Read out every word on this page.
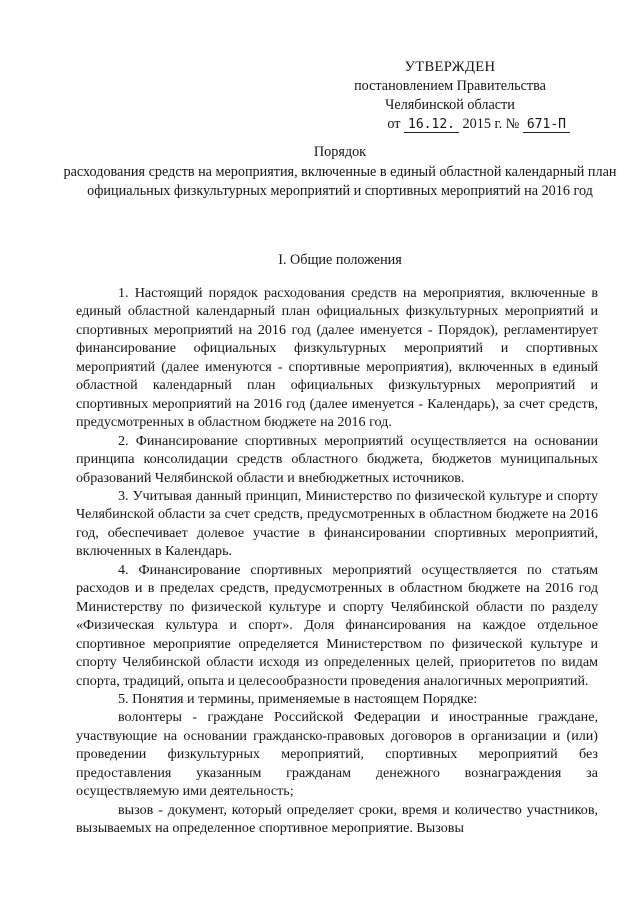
УТВЕРЖДЕН
постановлением Правительства
Челябинской области
от 16.12. 2015 г. № 671-П
Порядок
расходования средств на мероприятия, включенные в единый областной календарный план официальных физкультурных мероприятий и спортивных мероприятий на 2016 год
I. Общие положения

1. Настоящий порядок расходования средств на мероприятия, включенные в единый областной календарный план официальных физкультурных мероприятий и спортивных мероприятий на 2016 год (далее именуется - Порядок), регламентирует финансирование официальных физкультурных мероприятий и спортивных мероприятий (далее именуются - спортивные мероприятия), включенных в единый областной календарный план официальных физкультурных мероприятий и спортивных мероприятий на 2016 год (далее именуется - Календарь), за счет средств, предусмотренных в областном бюджете на 2016 год.

2. Финансирование спортивных мероприятий осуществляется на основании принципа консолидации средств областного бюджета, бюджетов муниципальных образований Челябинской области и внебюджетных источников.

3. Учитывая данный принцип, Министерство по физической культуре и спорту Челябинской области за счет средств, предусмотренных в областном бюджете на 2016 год, обеспечивает долевое участие в финансировании спортивных мероприятий, включенных в Календарь.

4. Финансирование спортивных мероприятий осуществляется по статьям расходов и в пределах средств, предусмотренных в областном бюджете на 2016 год Министерству по физической культуре и спорту Челябинской области по разделу «Физическая культура и спорт». Доля финансирования на каждое отдельное спортивное мероприятие определяется Министерством по физической культуре и спорту Челябинской области исходя из определенных целей, приоритетов по видам спорта, традиций, опыта и целесообразности проведения аналогичных мероприятий.

5. Понятия и термины, применяемые в настоящем Порядке:

волонтеры - граждане Российской Федерации и иностранные граждане, участвующие на основании гражданско-правовых договоров в организации и (или) проведении физкультурных мероприятий, спортивных мероприятий без предоставления указанным гражданам денежного вознаграждения за осуществляемую ими деятельность;

вызов - документ, который определяет сроки, время и количество участников, вызываемых на определенное спортивное мероприятие. Вызовы
